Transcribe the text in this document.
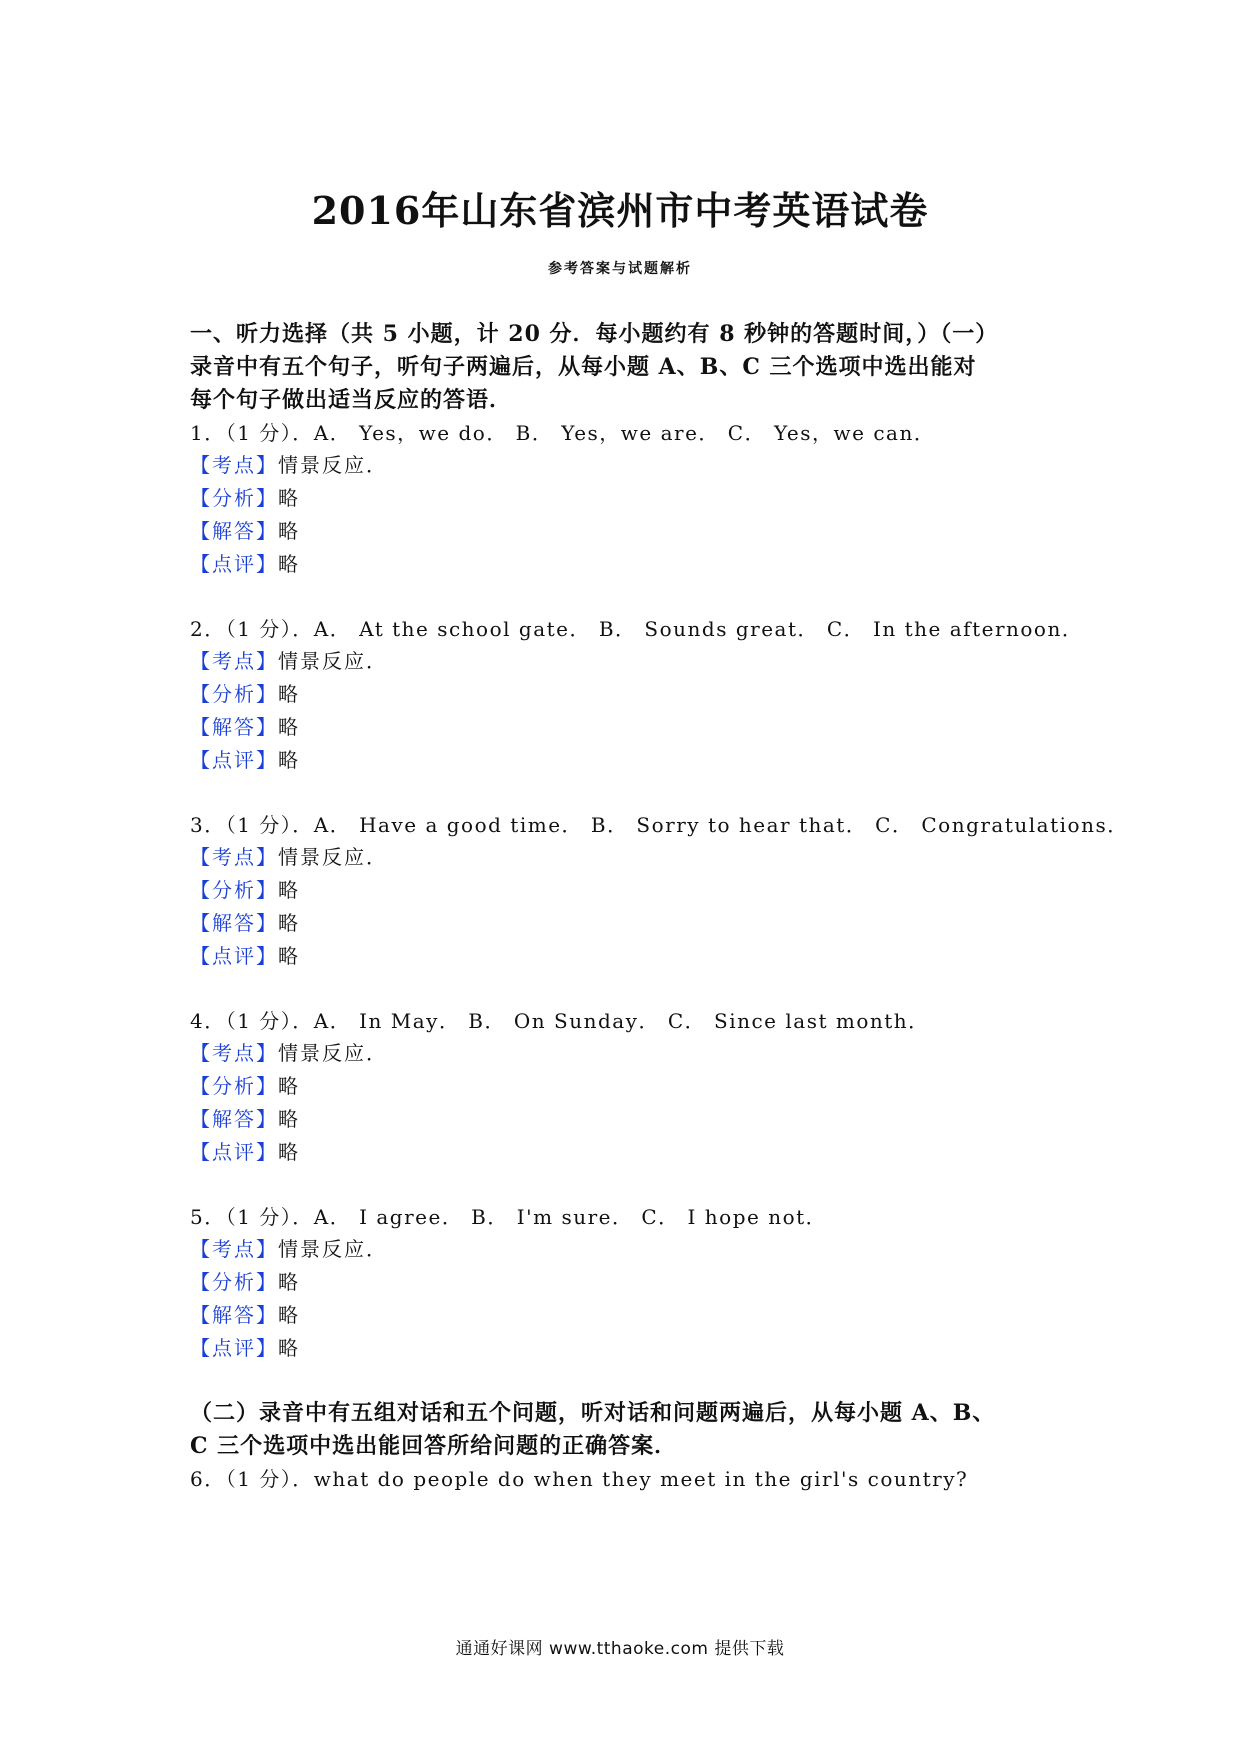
2016年山东省滨州市中考英语试卷
参考答案与试题解析
一、听力选择（共 5 小题，计 20 分．每小题约有 8 秒钟的答题时间，）（一）
录音中有五个句子，听句子两遍后，从每小题 A、B、C 三个选项中选出能对
每个句子做出适当反应的答语．
1．（1 分）．A． Yes，we do． B． Yes，we are． C． Yes，we can．
【考点】情景反应．
【分析】略
【解答】略
【点评】略
2．（1 分）．A． At the school gate． B． Sounds great． C． In the afternoon．
【考点】情景反应．
【分析】略
【解答】略
【点评】略
3．（1 分）．A． Have a good time． B． Sorry to hear that． C． Congratulations．
【考点】情景反应．
【分析】略
【解答】略
【点评】略
4．（1 分）．A． In May． B． On Sunday． C． Since last month．
【考点】情景反应．
【分析】略
【解答】略
【点评】略
5．（1 分）．A． I agree． B． I'm sure． C． I hope not．
【考点】情景反应．
【分析】略
【解答】略
【点评】略
（二）录音中有五组对话和五个问题，听对话和问题两遍后，从每小题 A、B、
C 三个选项中选出能回答所给问题的正确答案．
6．（1 分）．what do people do when they meet in the girl's country?
通通好课网 www.tthaoke.com 提供下载
